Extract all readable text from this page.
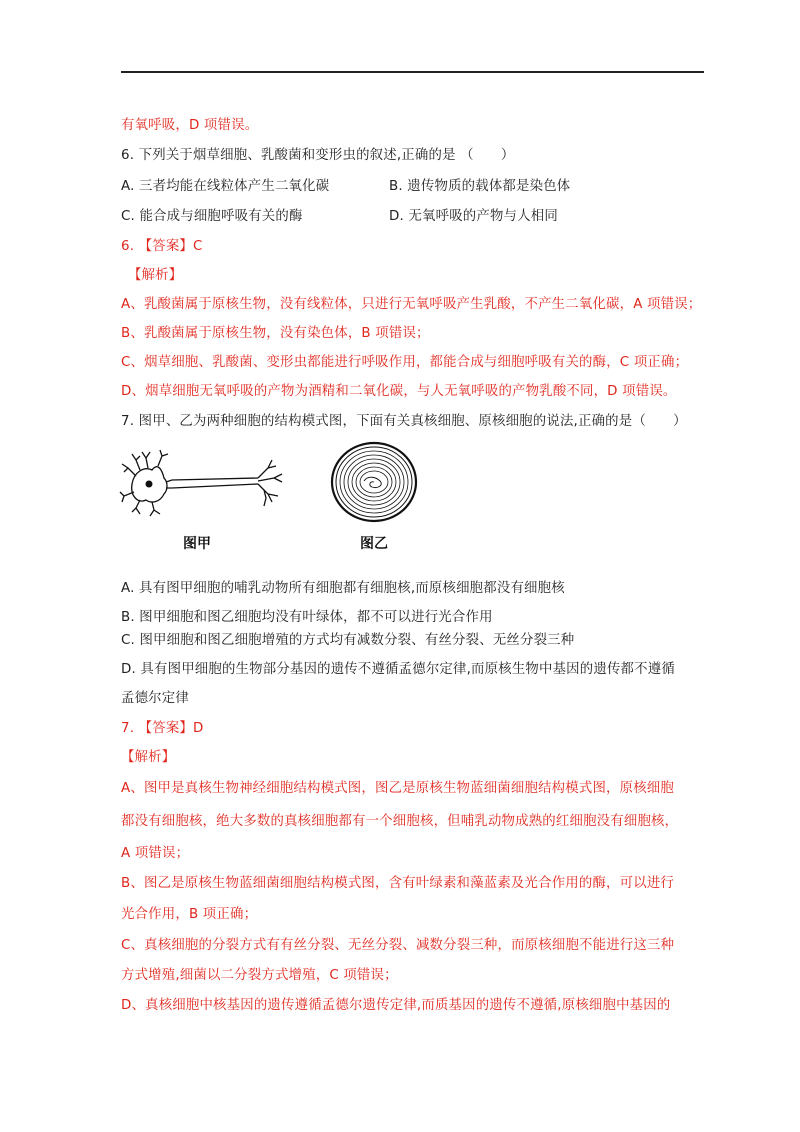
有氧呼吸，D 项错误。
6. 下列关于烟草细胞、乳酸菌和变形虫的叙述,正确的是 （　　）
A. 三者均能在线粒体产生二氧化碳	B. 遗传物质的载体都是染色体
C. 能合成与细胞呼吸有关的酶	D. 无氧呼吸的产物与人相同
6. 【答案】C
【解析】
A、乳酸菌属于原核生物，没有线粒体，只进行无氧呼吸产生乳酸，不产生二氧化碳，A 项错误；
B、乳酸菌属于原核生物，没有染色体，B 项错误；
C、烟草细胞、乳酸菌、变形虫都能进行呼吸作用，都能合成与细胞呼吸有关的酶，C 项正确；
D、烟草细胞无氧呼吸的产物为酒精和二氧化碳，与人无氧呼吸的产物乳酸不同，D 项错误。
7. 图甲、乙为两种细胞的结构模式图，下面有关真核细胞、原核细胞的说法,正确的是（　　）
图甲	图乙
A. 具有图甲细胞的哺乳动物所有细胞都有细胞核,而原核细胞都没有细胞核
B. 图甲细胞和图乙细胞均没有叶绿体，都不可以进行光合作用
C. 图甲细胞和图乙细胞增殖的方式均有减数分裂、有丝分裂、无丝分裂三种
D. 具有图甲细胞的生物部分基因的遗传不遵循孟德尔定律,而原核生物中基因的遗传都不遵循
孟德尔定律
7. 【答案】D
【解析】
A、图甲是真核生物神经细胞结构模式图，图乙是原核生物蓝细菌细胞结构模式图，原核细胞
都没有细胞核，绝大多数的真核细胞都有一个细胞核，但哺乳动物成熟的红细胞没有细胞核，
A 项错误；
B、图乙是原核生物蓝细菌细胞结构模式图，含有叶绿素和藻蓝素及光合作用的酶，可以进行
光合作用，B 项正确；
C、真核细胞的分裂方式有有丝分裂、无丝分裂、减数分裂三种，而原核细胞不能进行这三种
方式增殖,细菌以二分裂方式增殖，C 项错误；
D、真核细胞中核基因的遗传遵循孟德尔遗传定律,而质基因的遗传不遵循,原核细胞中基因的
